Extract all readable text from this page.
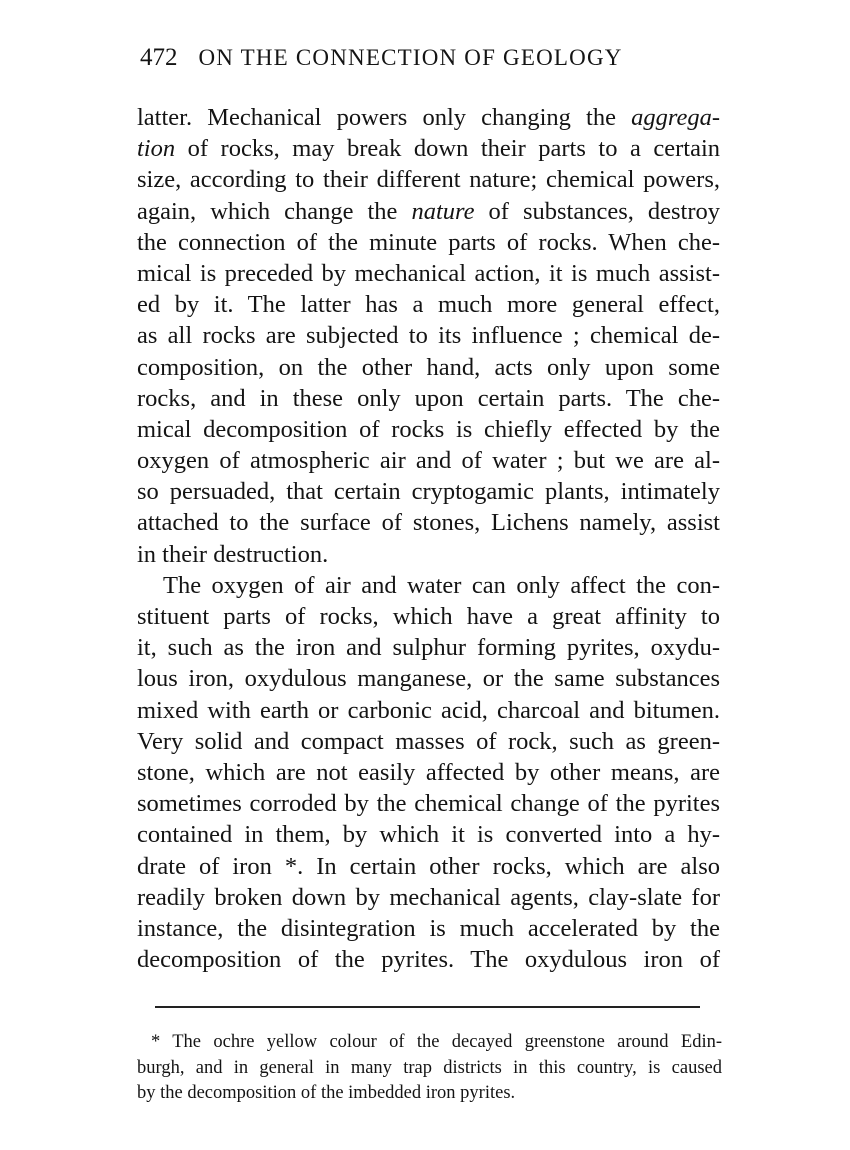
472 ON THE CONNECTION OF GEOLOGY
latter. Mechanical powers only changing the aggrega-
tion of rocks, may break down their parts to a certain
size, according to their different nature; chemical powers,
again, which change the nature of substances, destroy
the connection of the minute parts of rocks. When che-
mical is preceded by mechanical action, it is much assist-
ed by it. The latter has a much more general effect,
as all rocks are subjected to its influence ; chemical de-
composition, on the other hand, acts only upon some
rocks, and in these only upon certain parts. The che-
mical decomposition of rocks is chiefly effected by the
oxygen of atmospheric air and of water ; but we are al-
so persuaded, that certain cryptogamic plants, intimately
attached to the surface of stones, Lichens namely, assist
in their destruction.
The oxygen of air and water can only affect the con-
stituent parts of rocks, which have a great affinity to
it, such as the iron and sulphur forming pyrites, oxydu-
lous iron, oxydulous manganese, or the same substances
mixed with earth or carbonic acid, charcoal and bitumen.
Very solid and compact masses of rock, such as green-
stone, which are not easily affected by other means, are
sometimes corroded by the chemical change of the pyrites
contained in them, by which it is converted into a hy-
drate of iron *. In certain other rocks, which are also
readily broken down by mechanical agents, clay-slate for
instance, the disintegration is much accelerated by the
decomposition of the pyrites. The oxydulous iron of
* The ochre yellow colour of the decayed greenstone around Edin-
burgh, and in general in many trap districts in this country, is caused
by the decomposition of the imbedded iron pyrites.
